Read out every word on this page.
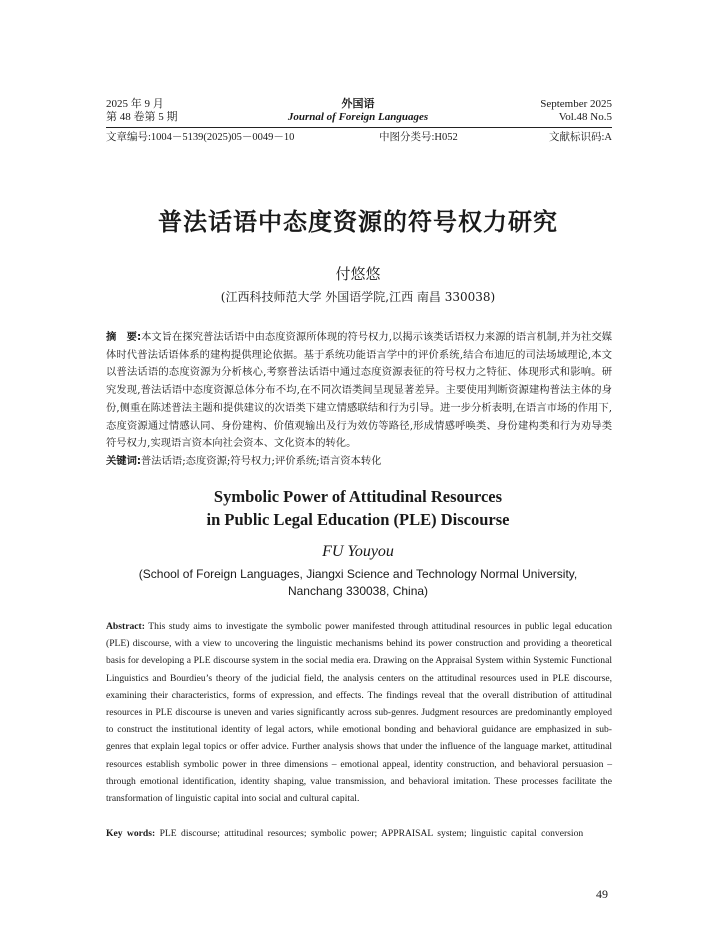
2025 年 9 月
第 48 卷第 5 期
外国语
Journal of Foreign Languages
September 2025
Vol.48 No.5
文章编号:1004－5139(2025)05－0049－10	中图分类号:H052	文献标识码:A
普法话语中态度资源的符号权力研究
付悠悠
(江西科技师范大学 外国语学院,江西 南昌 330038)

摘　要:本文旨在探究普法话语中由态度资源所体现的符号权力,以揭示该类话语权力来源的语言机制,并为社交媒体时代普法话语体系的建构提供理论依据。基于系统功能语言学中的评价系统,结合布迪厄的司法场域理论,本文以普法话语的态度资源为分析核心,考察普法话语中通过态度资源表征的符号权力之特征、体现形式和影响。研究发现,普法话语中态度资源总体分布不均,在不同次语类间呈现显著差异。主要使用判断资源建构普法主体的身份,侧重在陈述普法主题和提供建议的次语类下建立情感联结和行为引导。进一步分析表明,在语言市场的作用下,态度资源通过情感认同、身份建构、价值观输出及行为效仿等路径,形成情感呼唤类、身份建构类和行为劝导类符号权力,实现语言资本向社会资本、文化资本的转化。

关键词:普法话语;态度资源;符号权力;评价系统;语言资本转化

Symbolic Power of Attitudinal Resources
in Public Legal Education (PLE) Discourse
FU Youyou
(School of Foreign Languages, Jiangxi Science and Technology Normal University,
Nanchang 330038, China)

Abstract: This study aims to investigate the symbolic power manifested through attitudinal resources in public legal education (PLE) discourse, with a view to uncovering the linguistic mechanisms behind its power construction and providing a theoretical basis for developing a PLE discourse system in the social media era. Drawing on the Appraisal System within Systemic Functional Linguistics and Bourdieu’s theory of the judicial field, the analysis centers on the attitudinal resources used in PLE discourse, examining their characteristics, forms of expression, and effects. The findings reveal that the overall distribution of attitudinal resources in PLE discourse is uneven and varies significantly across sub-genres. Judgment resources are predominantly employed to construct the institutional identity of legal actors, while emotional bonding and behavioral guidance are emphasized in sub-genres that explain legal topics or offer advice. Further analysis shows that under the influence of the language market, attitudinal resources establish symbolic power in three dimensions – emotional appeal, identity construction, and behavioral persuasion – through emotional identification, identity shaping, value transmission, and behavioral imitation. These processes facilitate the transformation of linguistic capital into social and cultural capital.

Key words: PLE discourse; attitudinal resources; symbolic power; APPRAISAL system; linguistic capital conversion

49
